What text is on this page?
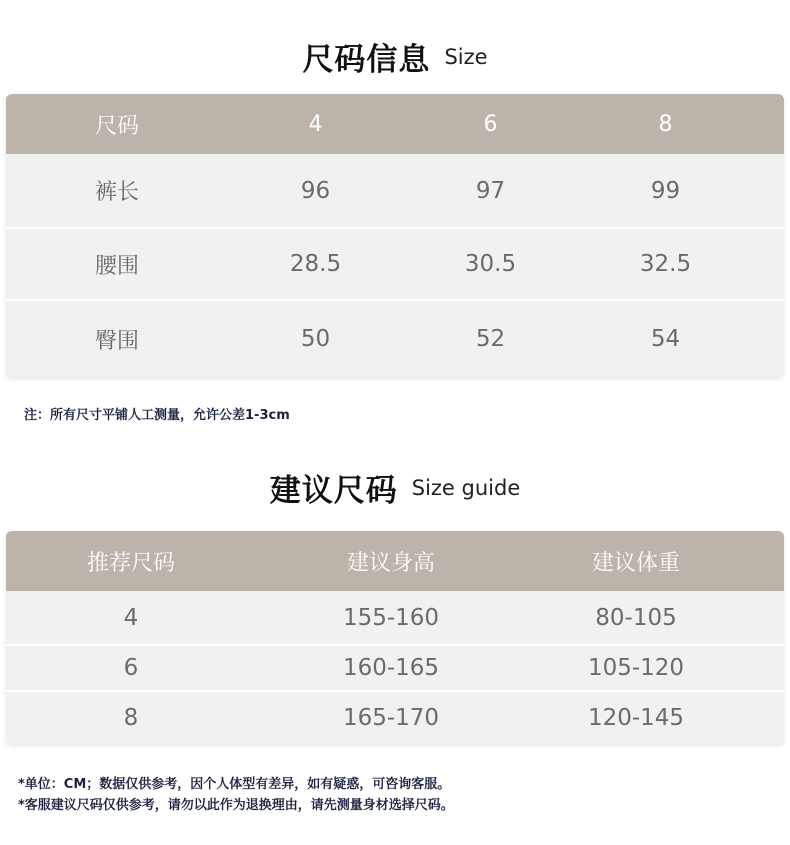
尺码信息 Size
尺码	4	6	8
裤长	96	97	99
腰围	28.5	30.5	32.5
臀围	50	52	54
注：所有尺寸平铺人工测量，允许公差1-3cm
建议尺码 Size guide
推荐尺码	建议身高	建议体重
4	155-160	80-105
6	160-165	105-120
8	165-170	120-145
*单位：CM；数据仅供参考，因个人体型有差异，如有疑惑，可咨询客服。
*客服建议尺码仅供参考，请勿以此作为退换理由，请先测量身材选择尺码。
